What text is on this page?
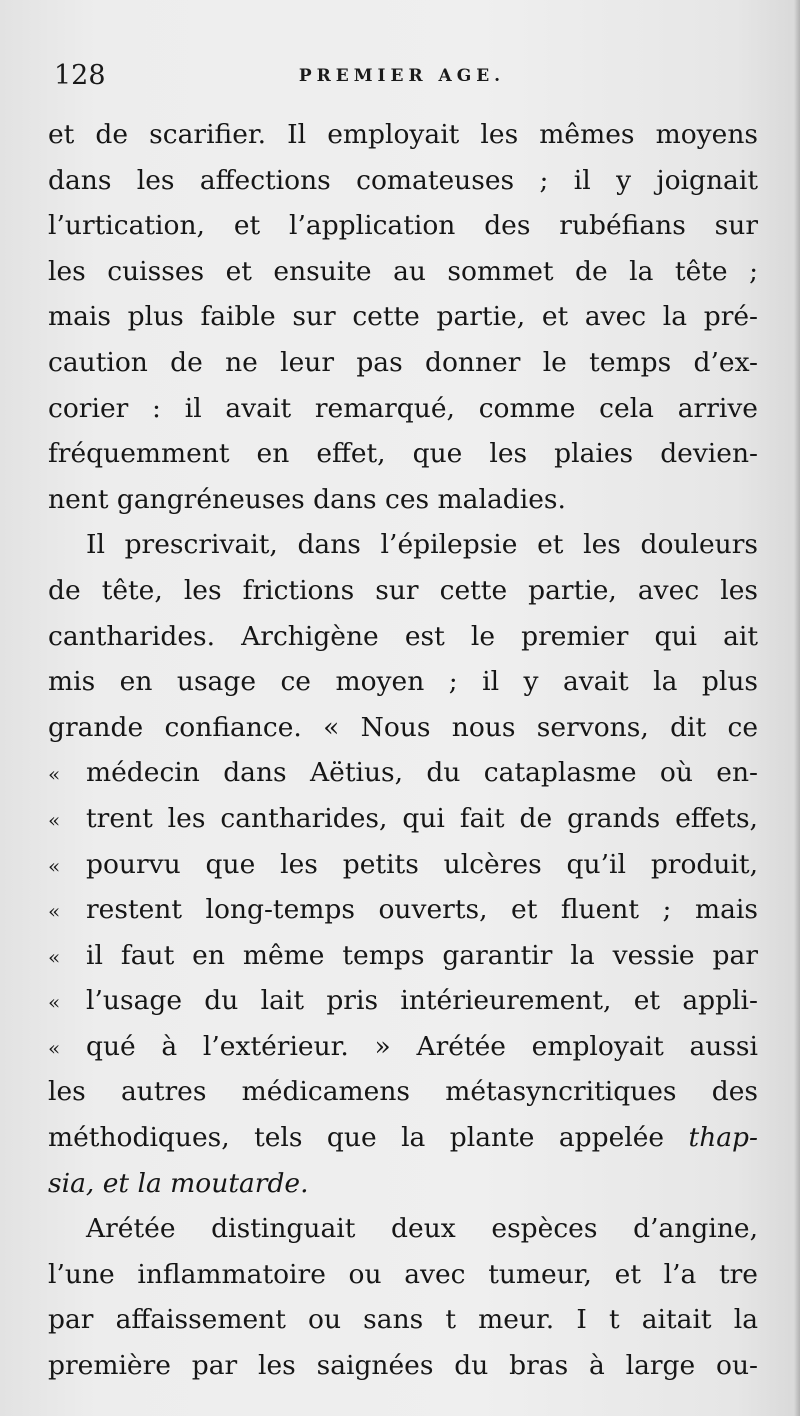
128	PREMIER AGE.
et de scarifier. Il employait les mêmes moyens
dans les affections comateuses ; il y joignait
l’urtication, et l’application des rubéfians sur
les cuisses et ensuite au sommet de la tête ;
mais plus faible sur cette partie, et avec la pré-
caution de ne leur pas donner le temps d’ex-
corier : il avait remarqué, comme cela arrive
fréquemment en effet, que les plaies devien-
nent gangréneuses dans ces maladies.
Il prescrivait, dans l’épilepsie et les douleurs
de tête, les frictions sur cette partie, avec les
cantharides. Archigène est le premier qui ait
mis en usage ce moyen ; il y avait la plus
grande confiance. « Nous nous servons, dit ce
« médecin dans Aëtius, du cataplasme où en-
« trent les cantharides, qui fait de grands effets,
« pourvu que les petits ulcères qu’il produit,
« restent long-temps ouverts, et fluent ; mais
« il faut en même temps garantir la vessie par
« l’usage du lait pris intérieurement, et appli-
« qué à l’extérieur. » Arétée employait aussi
les autres médicamens métasyncritiques des
méthodiques, tels que la plante appelée thap-
sia, et la moutarde.
Arétée distinguait deux espèces d’angine,
l’une inflammatoire ou avec tumeur, et l’a tre
par affaissement ou sans t meur. I t aitait la
première par les saignées du bras à large ou-
